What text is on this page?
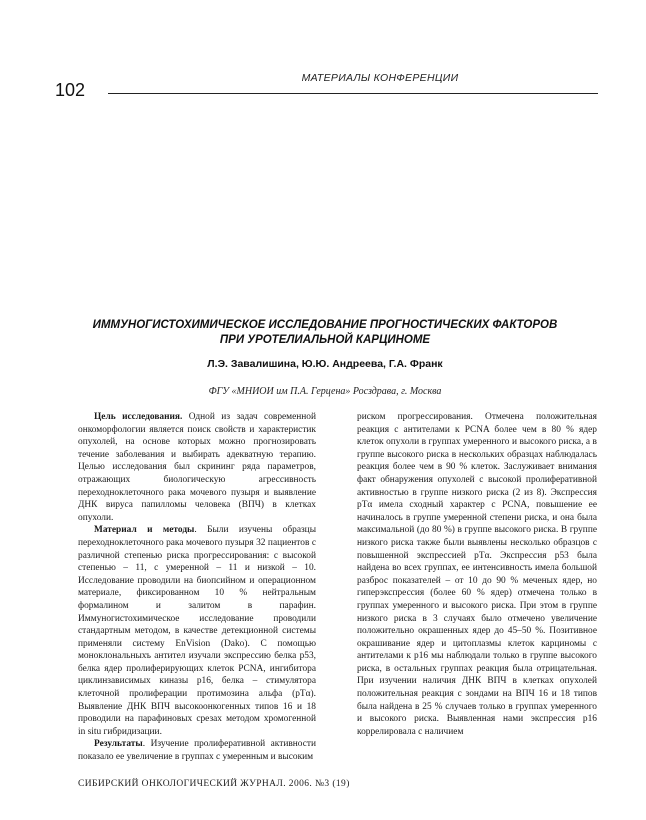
МАТЕРИАЛЫ КОНФЕРЕНЦИИ
102
ИММУНОГИСТОХИМИЧЕСКОЕ ИССЛЕДОВАНИЕ ПРОГНОСТИЧЕСКИХ ФАКТОРОВ
ПРИ УРОТЕЛИАЛЬНОЙ КАРЦИНОМЕ
Л.Э. Завалишина, Ю.Ю. Андреева, Г.А. Франк
ФГУ «МНИОИ им П.А. Герцена» Росздрава, г. Москва

Цель исследования. Одной из задач современной онкоморфологии является поиск свойств и характеристик опухолей, на основе которых можно прогнозировать течение заболевания и выбирать адекватную терапию. Целью исследования был скрининг ряда параметров, отражающих биологическую агрессивность переходноклеточного рака мочевого пузыря и выявление ДНК вируса папилломы человека (ВПЧ) в клетках опухоли.

Материал и методы. Были изучены образцы переходноклеточного рака мочевого пузыря 32 пациентов с различной степенью риска прогрессирования: с высокой степенью – 11, с умеренной – 11 и низкой – 10. Исследование проводили на биопсийном и операционном материале, фиксированном 10 % нейтральным формалином и залитом в парафин. Иммуногистохимическое исследование проводили стандартным методом, в качестве детекционной системы применяли систему EnVision (Dako). С помощью моноклональныхъ антител изучали экспрессию белка р53, белка ядер пролиферирующих клеток PCNA, ингибитора циклинзависимых киназы р16, белка – стимулятора клеточной пролиферации протимозина альфа (рТα). Выявление ДНК ВПЧ высокоонкогенных типов 16 и 18 проводили на парафиновых срезах методом хромогенной in situ гибридизации.

Результаты. Изучение пролиферативной активности показало ее увеличение в группах с умеренным и высоким

риском прогрессирования. Отмечена положительная реакция с антителами к PCNA более чем в 80 % ядер клеток опухоли в группах умеренного и высокого риска, а в группе высокого риска в нескольких образцах наблюдалась реакция более чем в 90 % клеток. Заслуживает внимания факт обнаружения опухолей с высокой пролиферативной активностью в группе низкого риска (2 из 8). Экспрессия рТα имела сходный характер с PCNA, повышение ее начиналось в группе умеренной степени риска, и она была максимальной (до 80 %) в группе высокого риска. В группе низкого риска также были выявлены несколько образцов с повышенной экспрессией рТα. Экспрессия р53 была найдена во всех группах, ее интенсивность имела большой разброс показателей – от 10 до 90 % меченых ядер, но гиперэкспрессия (более 60 % ядер) отмечена только в группах умеренного и высокого риска. При этом в группе низкого риска в 3 случаях было отмечено увеличение положительно окрашенных ядер до 45–50 %. Позитивное окрашивание ядер и цитоплазмы клеток карциномы с антителами к р16 мы наблюдали только в группе высокого риска, в остальных группах реакция была отрицательная. При изучении наличия ДНК ВПЧ в клетках опухолей положительная реакция с зондами на ВПЧ 16 и 18 типов была найдена в 25 % случаев только в группах умеренного и высокого риска. Выявленная нами экспрессия р16 коррелировала с наличием

СИБИРСКИЙ ОНКОЛОГИЧЕСКИЙ ЖУРНАЛ. 2006. №3 (19)
